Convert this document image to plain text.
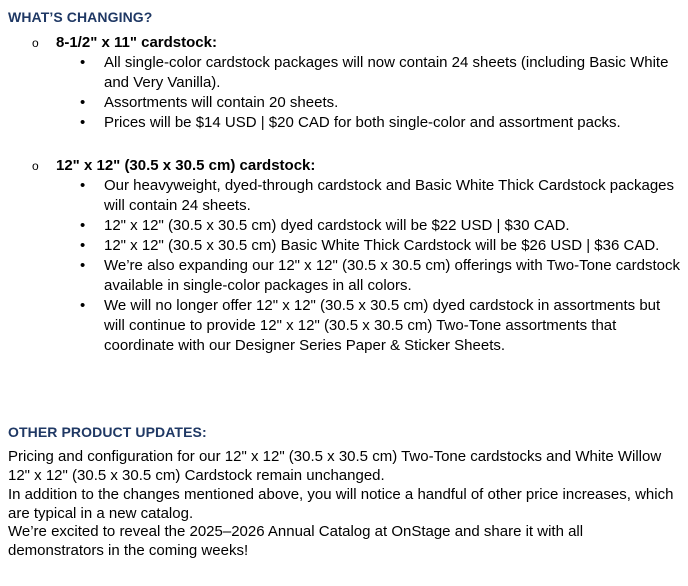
WHAT’S CHANGING?
o 8-1/2" x 11" cardstock:
• All single-color cardstock packages will now contain 24 sheets (including Basic White and Very Vanilla).
• Assortments will contain 20 sheets.
• Prices will be $14 USD | $20 CAD for both single-color and assortment packs.
o 12" x 12" (30.5 x 30.5 cm) cardstock:
• Our heavyweight, dyed-through cardstock and Basic White Thick Cardstock packages will contain 24 sheets.
• 12" x 12" (30.5 x 30.5 cm) dyed cardstock will be $22 USD | $30 CAD.
• 12" x 12" (30.5 x 30.5 cm) Basic White Thick Cardstock will be $26 USD | $36 CAD.
• We’re also expanding our 12" x 12" (30.5 x 30.5 cm) offerings with Two-Tone cardstock available in single-color packages in all colors.
• We will no longer offer 12" x 12" (30.5 x 30.5 cm) dyed cardstock in assortments but will continue to provide 12" x 12" (30.5 x 30.5 cm) Two-Tone assortments that coordinate with our Designer Series Paper & Sticker Sheets.
OTHER PRODUCT UPDATES:
Pricing and configuration for our 12" x 12" (30.5 x 30.5 cm) Two-Tone cardstocks and White Willow 12" x 12" (30.5 x 30.5 cm) Cardstock remain unchanged.
In addition to the changes mentioned above, you will notice a handful of other price increases, which are typical in a new catalog.
We’re excited to reveal the 2025–2026 Annual Catalog at OnStage and share it with all demonstrators in the coming weeks!
